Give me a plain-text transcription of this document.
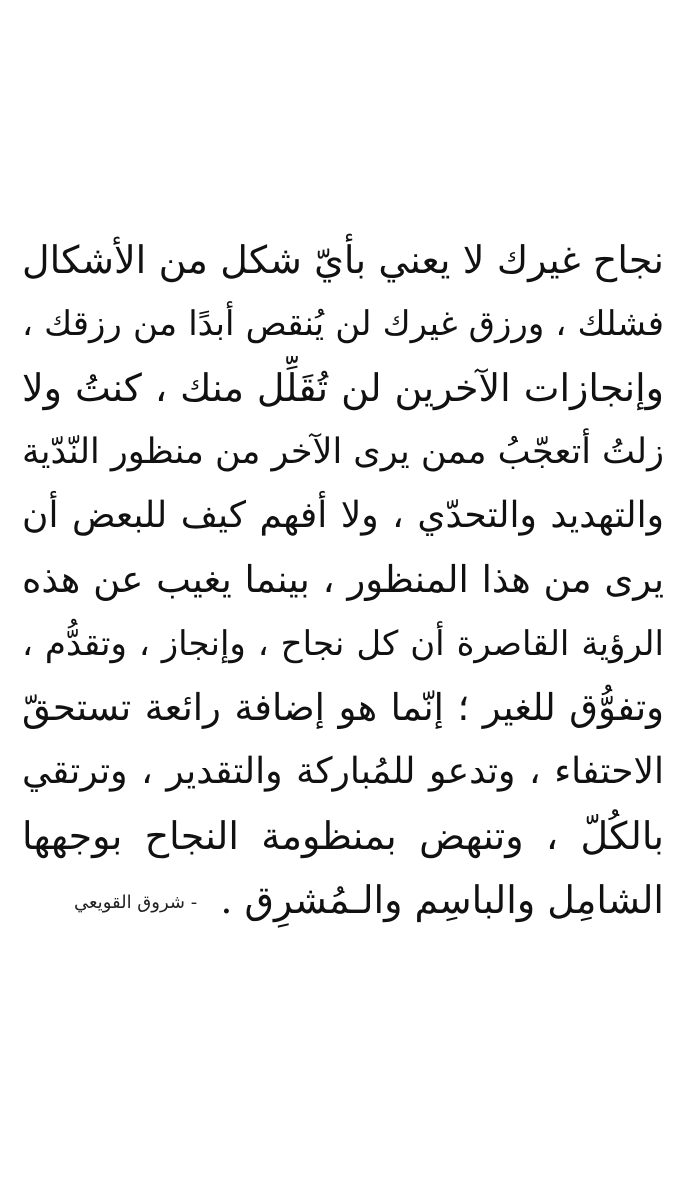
نجاح غيرك لا يعني بأيّ شكل من الأشكال
فشلك ، ورزق غيرك لن يُنقص أبدًا من رزقك ،
وإنجازات الآخرين لن تُقَلِّل منك ، كنتُ ولا
زلتُ أتعجّبُ ممن يرى الآخر من منظور النّدّية
والتهديد والتحدّي ، ولا أفهم كيف للبعض أن
يرى من هذا المنظور ، بينما يغيب عن هذه
الرؤية القاصرة أن كل نجاح ، وإنجاز ، وتقدُّم ،
وتفوُّق للغير ؛ إنّما هو إضافة رائعة تستحقّ
الاحتفاء ، وتدعو للمُباركة والتقدير ، وترتقي
بالكُلّ ، وتنهض بمنظومة النجاح بوجهها
الشامِل والباسِم والـمُشرِق .
- شروق القويعي
